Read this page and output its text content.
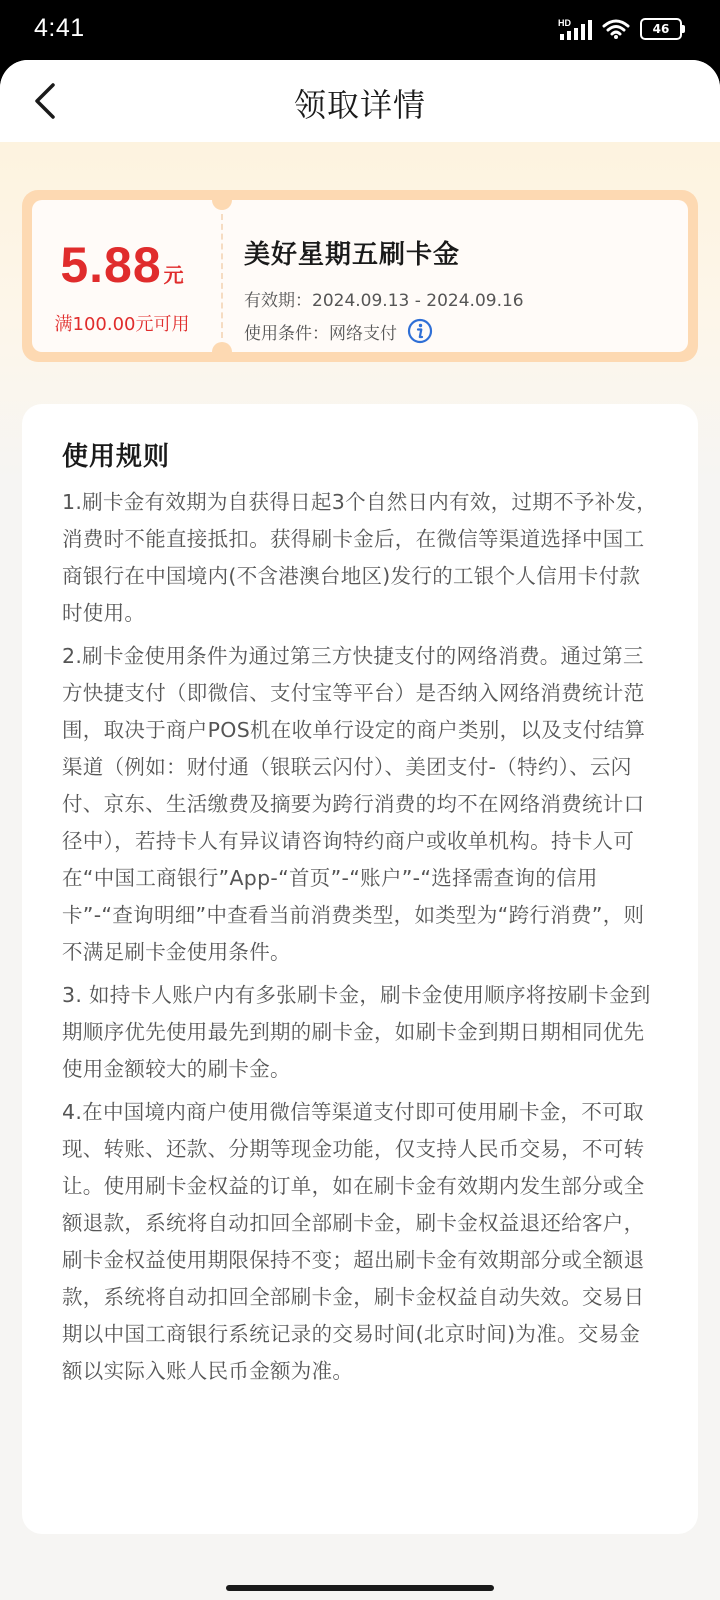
4:41	HD	46
领取详情
5.88 元
满100.00元可用
美好星期五刷卡金
有效期：2024.09.13 - 2024.09.16
使用条件：网络支付
使用规则

1.刷卡金有效期为自获得日起3个自然日内有效，过期不予补发，消费时不能直接抵扣。获得刷卡金后，在微信等渠道选择中国工商银行在中国境内(不含港澳台地区)发行的工银个人信用卡付款时使用。

2.刷卡金使用条件为通过第三方快捷支付的网络消费。通过第三方快捷支付（即微信、支付宝等平台）是否纳入网络消费统计范围，取决于商户POS机在收单行设定的商户类别，以及支付结算渠道（例如：财付通（银联云闪付）、美团支付-（特约）、云闪付、京东、生活缴费及摘要为跨行消费的均不在网络消费统计口径中），若持卡人有异议请咨询特约商户或收单机构。持卡人可在“中国工商银行”App-“首页”-“账户”-“选择需查询的信用卡”-“查询明细”中查看当前消费类型，如类型为“跨行消费”，则不满足刷卡金使用条件。

3. 如持卡人账户内有多张刷卡金，刷卡金使用顺序将按刷卡金到期顺序优先使用最先到期的刷卡金，如刷卡金到期日期相同优先使用金额较大的刷卡金。

4.在中国境内商户使用微信等渠道支付即可使用刷卡金，不可取现、转账、还款、分期等现金功能，仅支持人民币交易，不可转让。使用刷卡金权益的订单，如在刷卡金有效期内发生部分或全额退款，系统将自动扣回全部刷卡金，刷卡金权益退还给客户，刷卡金权益使用期限保持不变；超出刷卡金有效期部分或全额退款，系统将自动扣回全部刷卡金，刷卡金权益自动失效。交易日期以中国工商银行系统记录的交易时间(北京时间)为准。交易金额以实际入账人民币金额为准。
